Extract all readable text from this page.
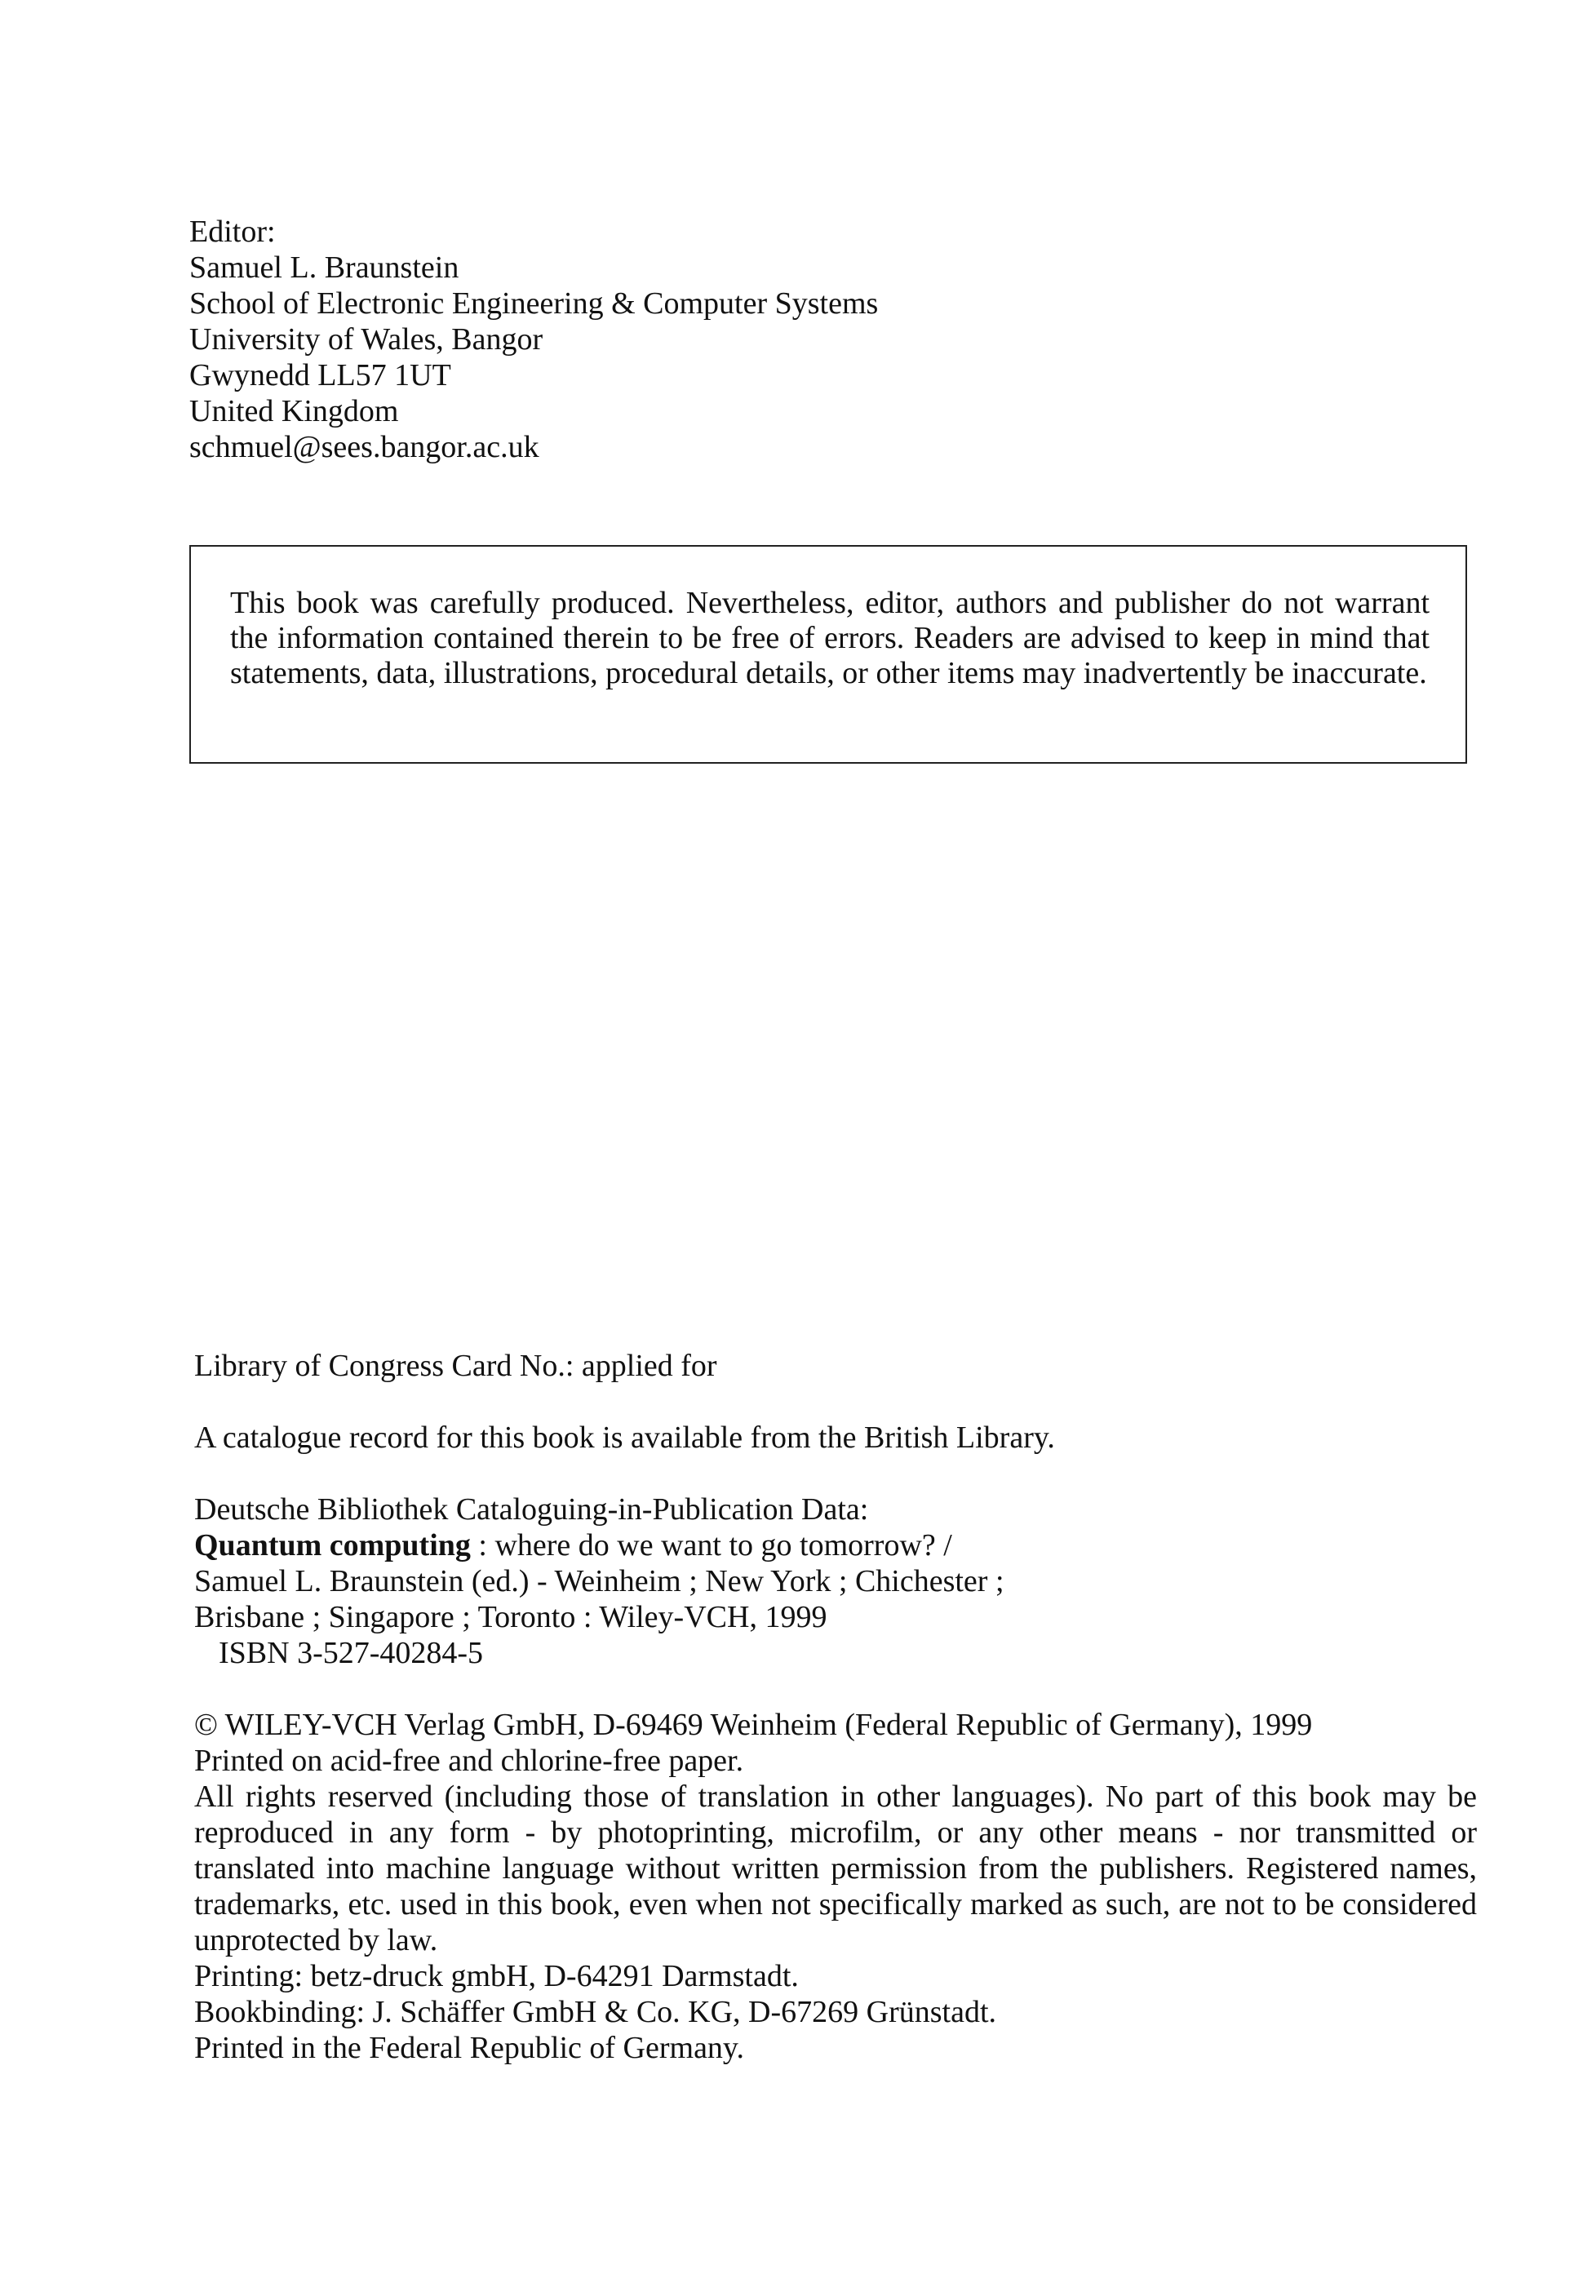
Editor:
Samuel L. Braunstein
School of Electronic Engineering & Computer Systems
University of Wales, Bangor
Gwynedd LL57 1UT
United Kingdom
schmuel@sees.bangor.ac.uk

This book was carefully produced. Nevertheless, editor, authors and publisher do not warrant the information contained therein to be free of errors. Readers are advised to keep in mind that statements, data, illustrations, procedural details, or other items may inadvertently be inaccurate.

Library of Congress Card No.: applied for
A catalogue record for this book is available from the British Library.
Deutsche Bibliothek Cataloguing-in-Publication Data:
Quantum computing : where do we want to go tomorrow? /
Samuel L. Braunstein (ed.) - Weinheim ; New York ; Chichester ;
Brisbane ; Singapore ; Toronto : Wiley-VCH, 1999
ISBN 3-527-40284-5
© WILEY-VCH Verlag GmbH, D-69469 Weinheim (Federal Republic of Germany), 1999
Printed on acid-free and chlorine-free paper.
All rights reserved (including those of translation in other languages). No part of this book may be reproduced in any form - by photoprinting, microfilm, or any other means - nor transmitted or translated into machine language without written permission from the publishers. Registered names, trademarks, etc. used in this book, even when not specifically marked as such, are not to be considered unprotected by law.
Printing: betz-druck gmbH, D-64291 Darmstadt.
Bookbinding: J. Schäffer GmbH & Co. KG, D-67269 Grünstadt.
Printed in the Federal Republic of Germany.
